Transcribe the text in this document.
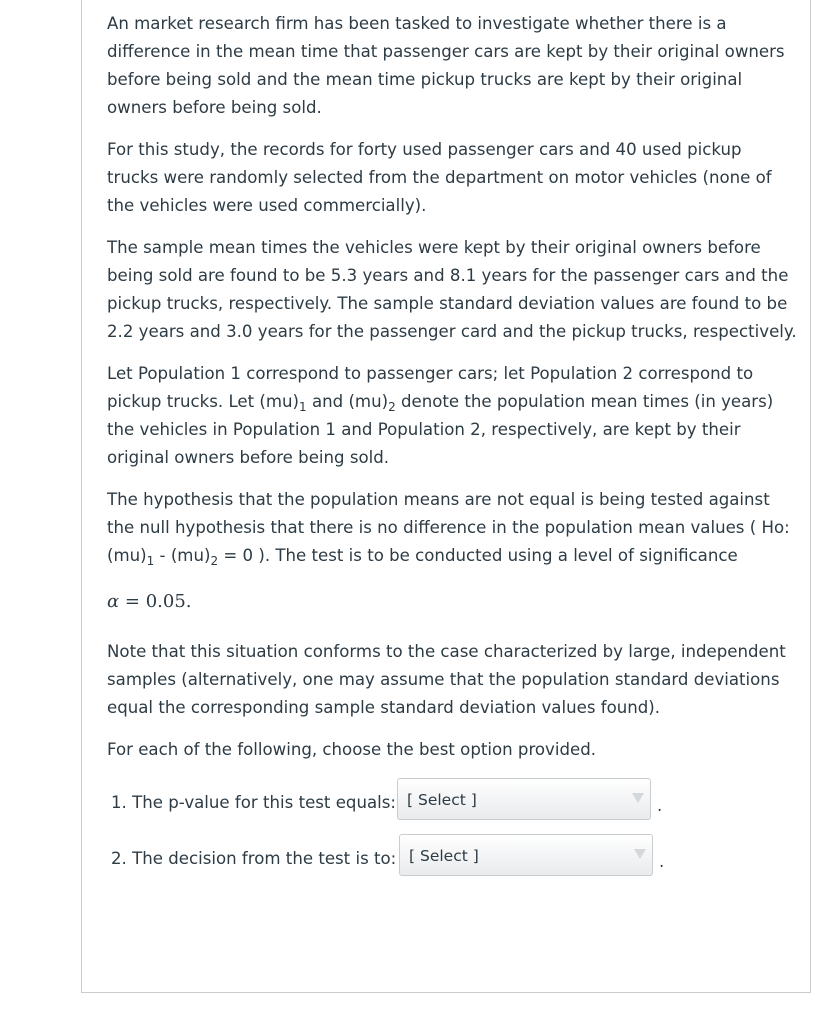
An market research firm has been tasked to investigate whether there is a difference in the mean time that passenger cars are kept by their original owners before being sold and the mean time pickup trucks are kept by their original owners before being sold.

For this study, the records for forty used passenger cars and 40 used pickup trucks were randomly selected from the department on motor vehicles (none of the vehicles were used commercially).

The sample mean times the vehicles were kept by their original owners before being sold are found to be 5.3 years and 8.1 years for the passenger cars and the pickup trucks, respectively. The sample standard deviation values are found to be 2.2 years and 3.0 years for the passenger card and the pickup trucks, respectively.

Let Population 1 correspond to passenger cars; let Population 2 correspond to pickup trucks. Let $(mu)_1$ and $(mu)_2$ denote the population mean times (in years) the vehicles in Population 1 and Population 2, respectively, are kept by their original owners before being sold.

The hypothesis that the population means are not equal is being tested against the null hypothesis that there is no difference in the population mean values ( Ho: $(mu)_1 - (mu)_2 = 0$ ). The test is to be conducted using a level of significance

α = 0.05.

Note that this situation conforms to the case characterized by large, independent samples (alternatively, one may assume that the population standard deviations equal the corresponding sample standard deviation values found).

For each of the following, choose the best option provided.

1. The p-value for this test equals: [ Select ]	.
2. The decision from the test is to: [ Select ]	.
